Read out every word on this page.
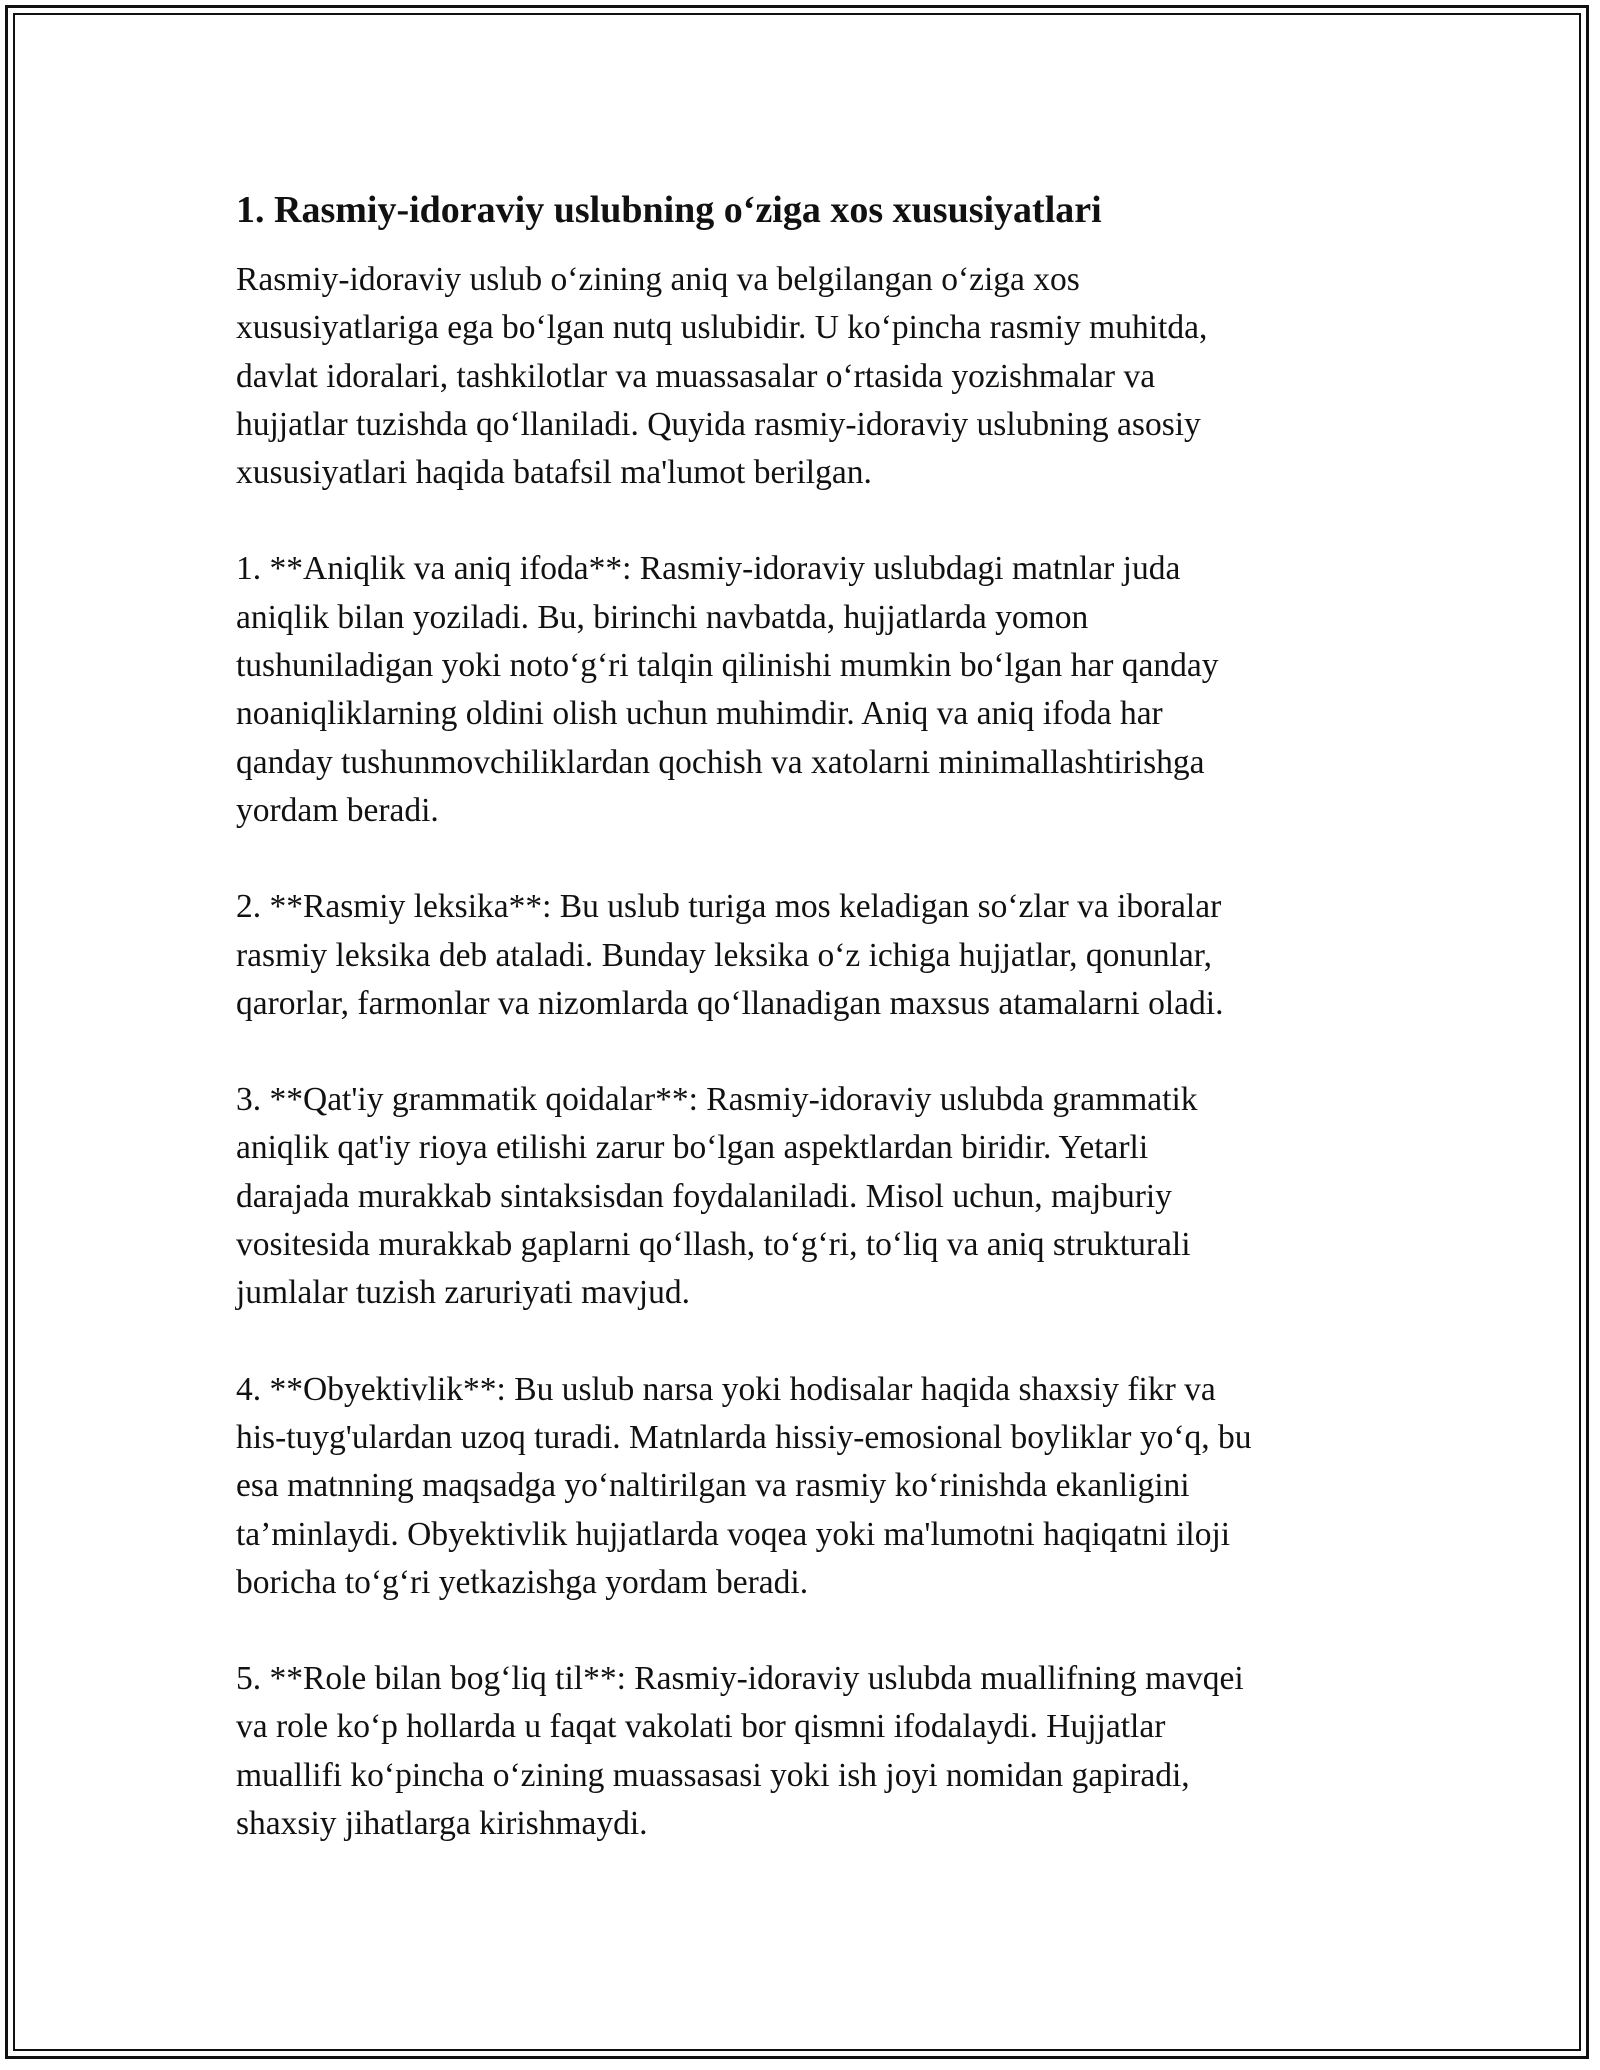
1. Rasmiy-idoraviy uslubning o‘ziga xos xususiyatlari

Rasmiy-idoraviy uslub o‘zining aniq va belgilangan o‘ziga xos
xususiyatlariga ega bo‘lgan nutq uslubidir. U ko‘pincha rasmiy muhitda,
davlat idoralari, tashkilotlar va muassasalar o‘rtasida yozishmalar va
hujjatlar tuzishda qo‘llaniladi. Quyida rasmiy-idoraviy uslubning asosiy
xususiyatlari haqida batafsil ma'lumot berilgan.

1. **Aniqlik va aniq ifoda**: Rasmiy-idoraviy uslubdagi matnlar juda
aniqlik bilan yoziladi. Bu, birinchi navbatda, hujjatlarda yomon
tushuniladigan yoki noto‘g‘ri talqin qilinishi mumkin bo‘lgan har qanday
noaniqliklarning oldini olish uchun muhimdir. Aniq va aniq ifoda har
qanday tushunmovchiliklardan qochish va xatolarni minimallashtirishga
yordam beradi.

2. **Rasmiy leksika**: Bu uslub turiga mos keladigan so‘zlar va iboralar
rasmiy leksika deb ataladi. Bunday leksika o‘z ichiga hujjatlar, qonunlar,
qarorlar, farmonlar va nizomlarda qo‘llanadigan maxsus atamalarni oladi.

3. **Qat'iy grammatik qoidalar**: Rasmiy-idoraviy uslubda grammatik
aniqlik qat'iy rioya etilishi zarur bo‘lgan aspektlardan biridir. Yetarli
darajada murakkab sintaksisdan foydalaniladi. Misol uchun, majburiy
vositesida murakkab gaplarni qo‘llash, to‘g‘ri, to‘liq va aniq strukturali
jumlalar tuzish zaruriyati mavjud.

4. **Obyektivlik**: Bu uslub narsa yoki hodisalar haqida shaxsiy fikr va
his-tuyg'ulardan uzoq turadi. Matnlarda hissiy-emosional boyliklar yo‘q, bu
esa matnning maqsadga yo‘naltirilgan va rasmiy ko‘rinishda ekanligini
ta’minlaydi. Obyektivlik hujjatlarda voqea yoki ma'lumotni haqiqatni iloji
boricha to‘g‘ri yetkazishga yordam beradi.

5. **Role bilan bog‘liq til**: Rasmiy-idoraviy uslubda muallifning mavqei
va role ko‘p hollarda u faqat vakolati bor qismni ifodalaydi. Hujjatlar
muallifi ko‘pincha o‘zining muassasasi yoki ish joyi nomidan gapiradi,
shaxsiy jihatlarga kirishmaydi.
